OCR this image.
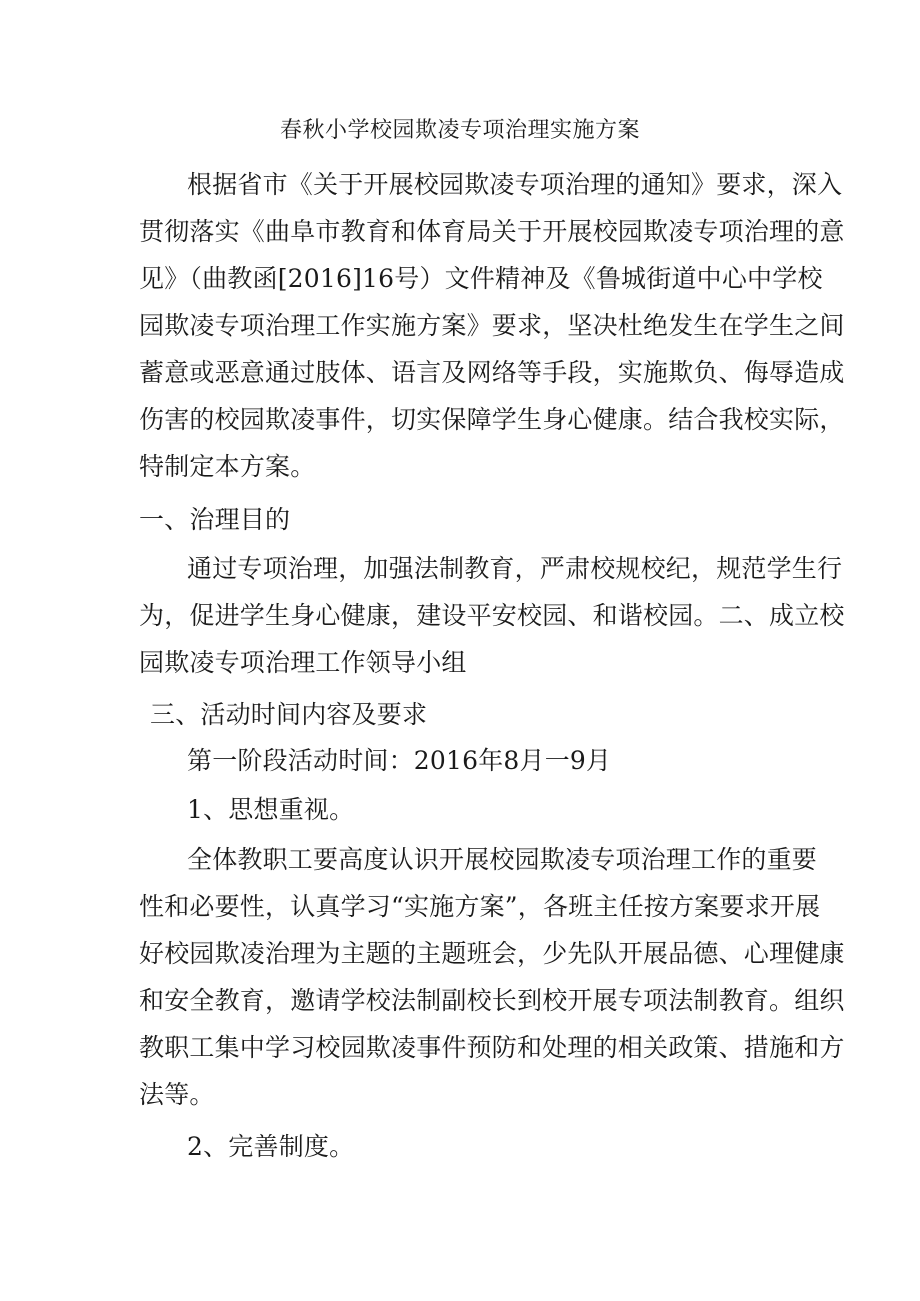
春秋小学校园欺凌专项治理实施方案
根据省市《关于开展校园欺凌专项治理的通知》要求，深入
贯彻落实《曲阜市教育和体育局关于开展校园欺凌专项治理的意
见》（曲教函[2016]16号）文件精神及《鲁城街道中心中学校
园欺凌专项治理工作实施方案》要求，坚决杜绝发生在学生之间
蓄意或恶意通过肢体、语言及网络等手段，实施欺负、侮辱造成
伤害的校园欺凌事件，切实保障学生身心健康。结合我校实际，
特制定本方案。
一、治理目的
通过专项治理，加强法制教育，严肃校规校纪，规范学生行
为，促进学生身心健康，建设平安校园、和谐校园。二、成立校
园欺凌专项治理工作领导小组
三、活动时间内容及要求
第一阶段活动时间：2016年8月一9月
1、思想重视。
全体教职工要高度认识开展校园欺凌专项治理工作的重要
性和必要性，认真学习“实施方案”，各班主任按方案要求开展
好校园欺凌治理为主题的主题班会，少先队开展品德、心理健康
和安全教育，邀请学校法制副校长到校开展专项法制教育。组织
教职工集中学习校园欺凌事件预防和处理的相关政策、措施和方
法等。
2、完善制度。
